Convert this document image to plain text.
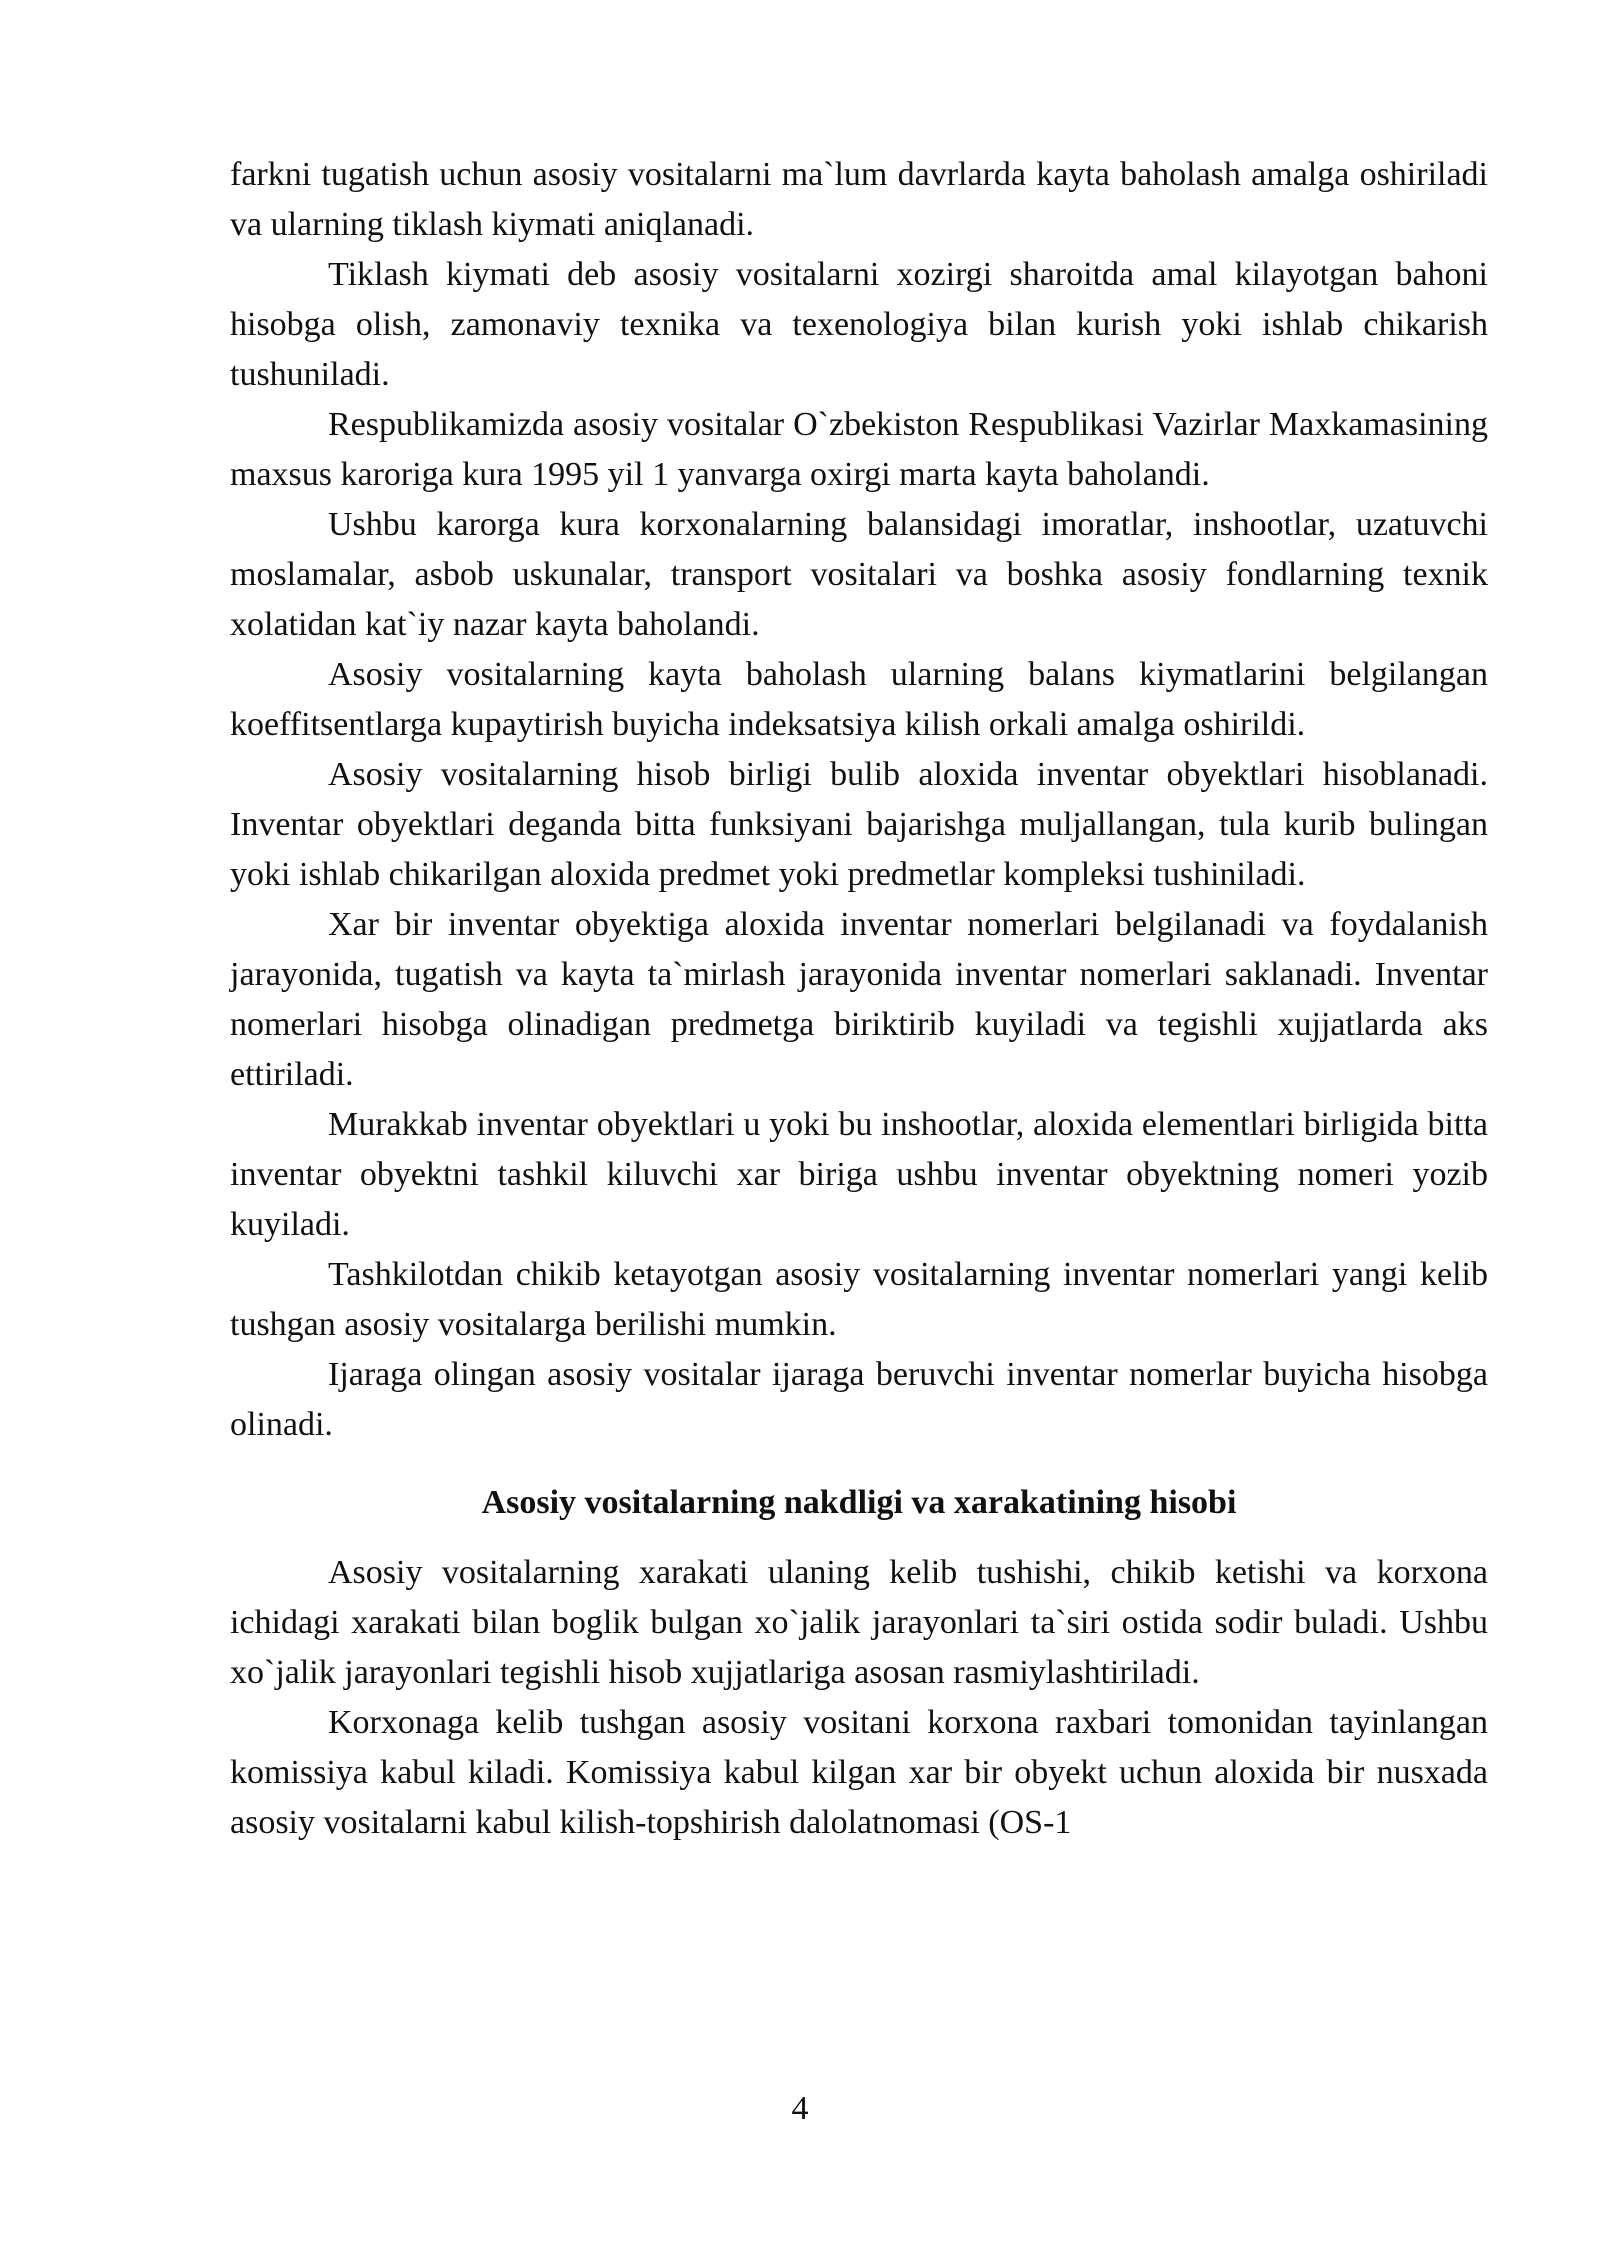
farkni tugatish uchun asosiy vositalarni ma`lum davrlarda kayta baholash amalga oshiriladi va ularning tiklash kiymati aniqlanadi.

Tiklash kiymati deb asosiy vositalarni xozirgi sharoitda amal kilayotgan bahoni hisobga olish, zamonaviy texnika va texenologiya bilan kurish yoki ishlab chikarish tushuniladi.

Respublikamizda asosiy vositalar O`zbekiston Respublikasi Vazirlar Maxkamasining maxsus karoriga kura 1995 yil 1 yanvarga oxirgi marta kayta baholandi.

Ushbu karorga kura korxonalarning balansidagi imoratlar, inshootlar, uzatuvchi moslamalar, asbob uskunalar, transport vositalari va boshka asosiy fondlarning texnik xolatidan kat`iy nazar kayta baholandi.

Asosiy vositalarning kayta baholash ularning balans kiymatlarini belgilangan koeffitsentlarga kupaytirish buyicha indeksatsiya kilish orkali amalga oshirildi.

Asosiy vositalarning hisob birligi bulib aloxida inventar obyektlari hisoblanadi. Inventar obyektlari deganda bitta funksiyani bajarishga muljallangan, tula kurib bulingan yoki ishlab chikarilgan aloxida predmet yoki predmetlar kompleksi tushiniladi.

Xar bir inventar obyektiga aloxida inventar nomerlari belgilanadi va foydalanish jarayonida, tugatish va kayta ta`mirlash jarayonida inventar nomerlari saklanadi. Inventar nomerlari hisobga olinadigan predmetga biriktirib kuyiladi va tegishli xujjatlarda aks ettiriladi.

Murakkab inventar obyektlari u yoki bu inshootlar, aloxida elementlari birligida bitta inventar obyektni tashkil kiluvchi xar biriga ushbu inventar obyektning nomeri yozib kuyiladi.

Tashkilotdan chikib ketayotgan asosiy vositalarning inventar nomerlari yangi kelib tushgan asosiy vositalarga berilishi mumkin.

Ijaraga olingan asosiy vositalar ijaraga beruvchi inventar nomerlar buyicha hisobga olinadi.

Asosiy vositalarning nakdligi va xarakatining hisobi

Asosiy vositalarning xarakati ulaning kelib tushishi, chikib ketishi va korxona ichidagi xarakati bilan boglik bulgan xo`jalik jarayonlari ta`siri ostida sodir buladi. Ushbu xo`jalik jarayonlari tegishli hisob xujjatlariga asosan rasmiylashtiriladi.

Korxonaga kelib tushgan asosiy vositani korxona raxbari tomonidan tayinlangan komissiya kabul kiladi. Komissiya kabul kilgan xar bir obyekt uchun aloxida bir nusxada asosiy vositalarni kabul kilish-topshirish dalolatnomasi (OS-1

4
